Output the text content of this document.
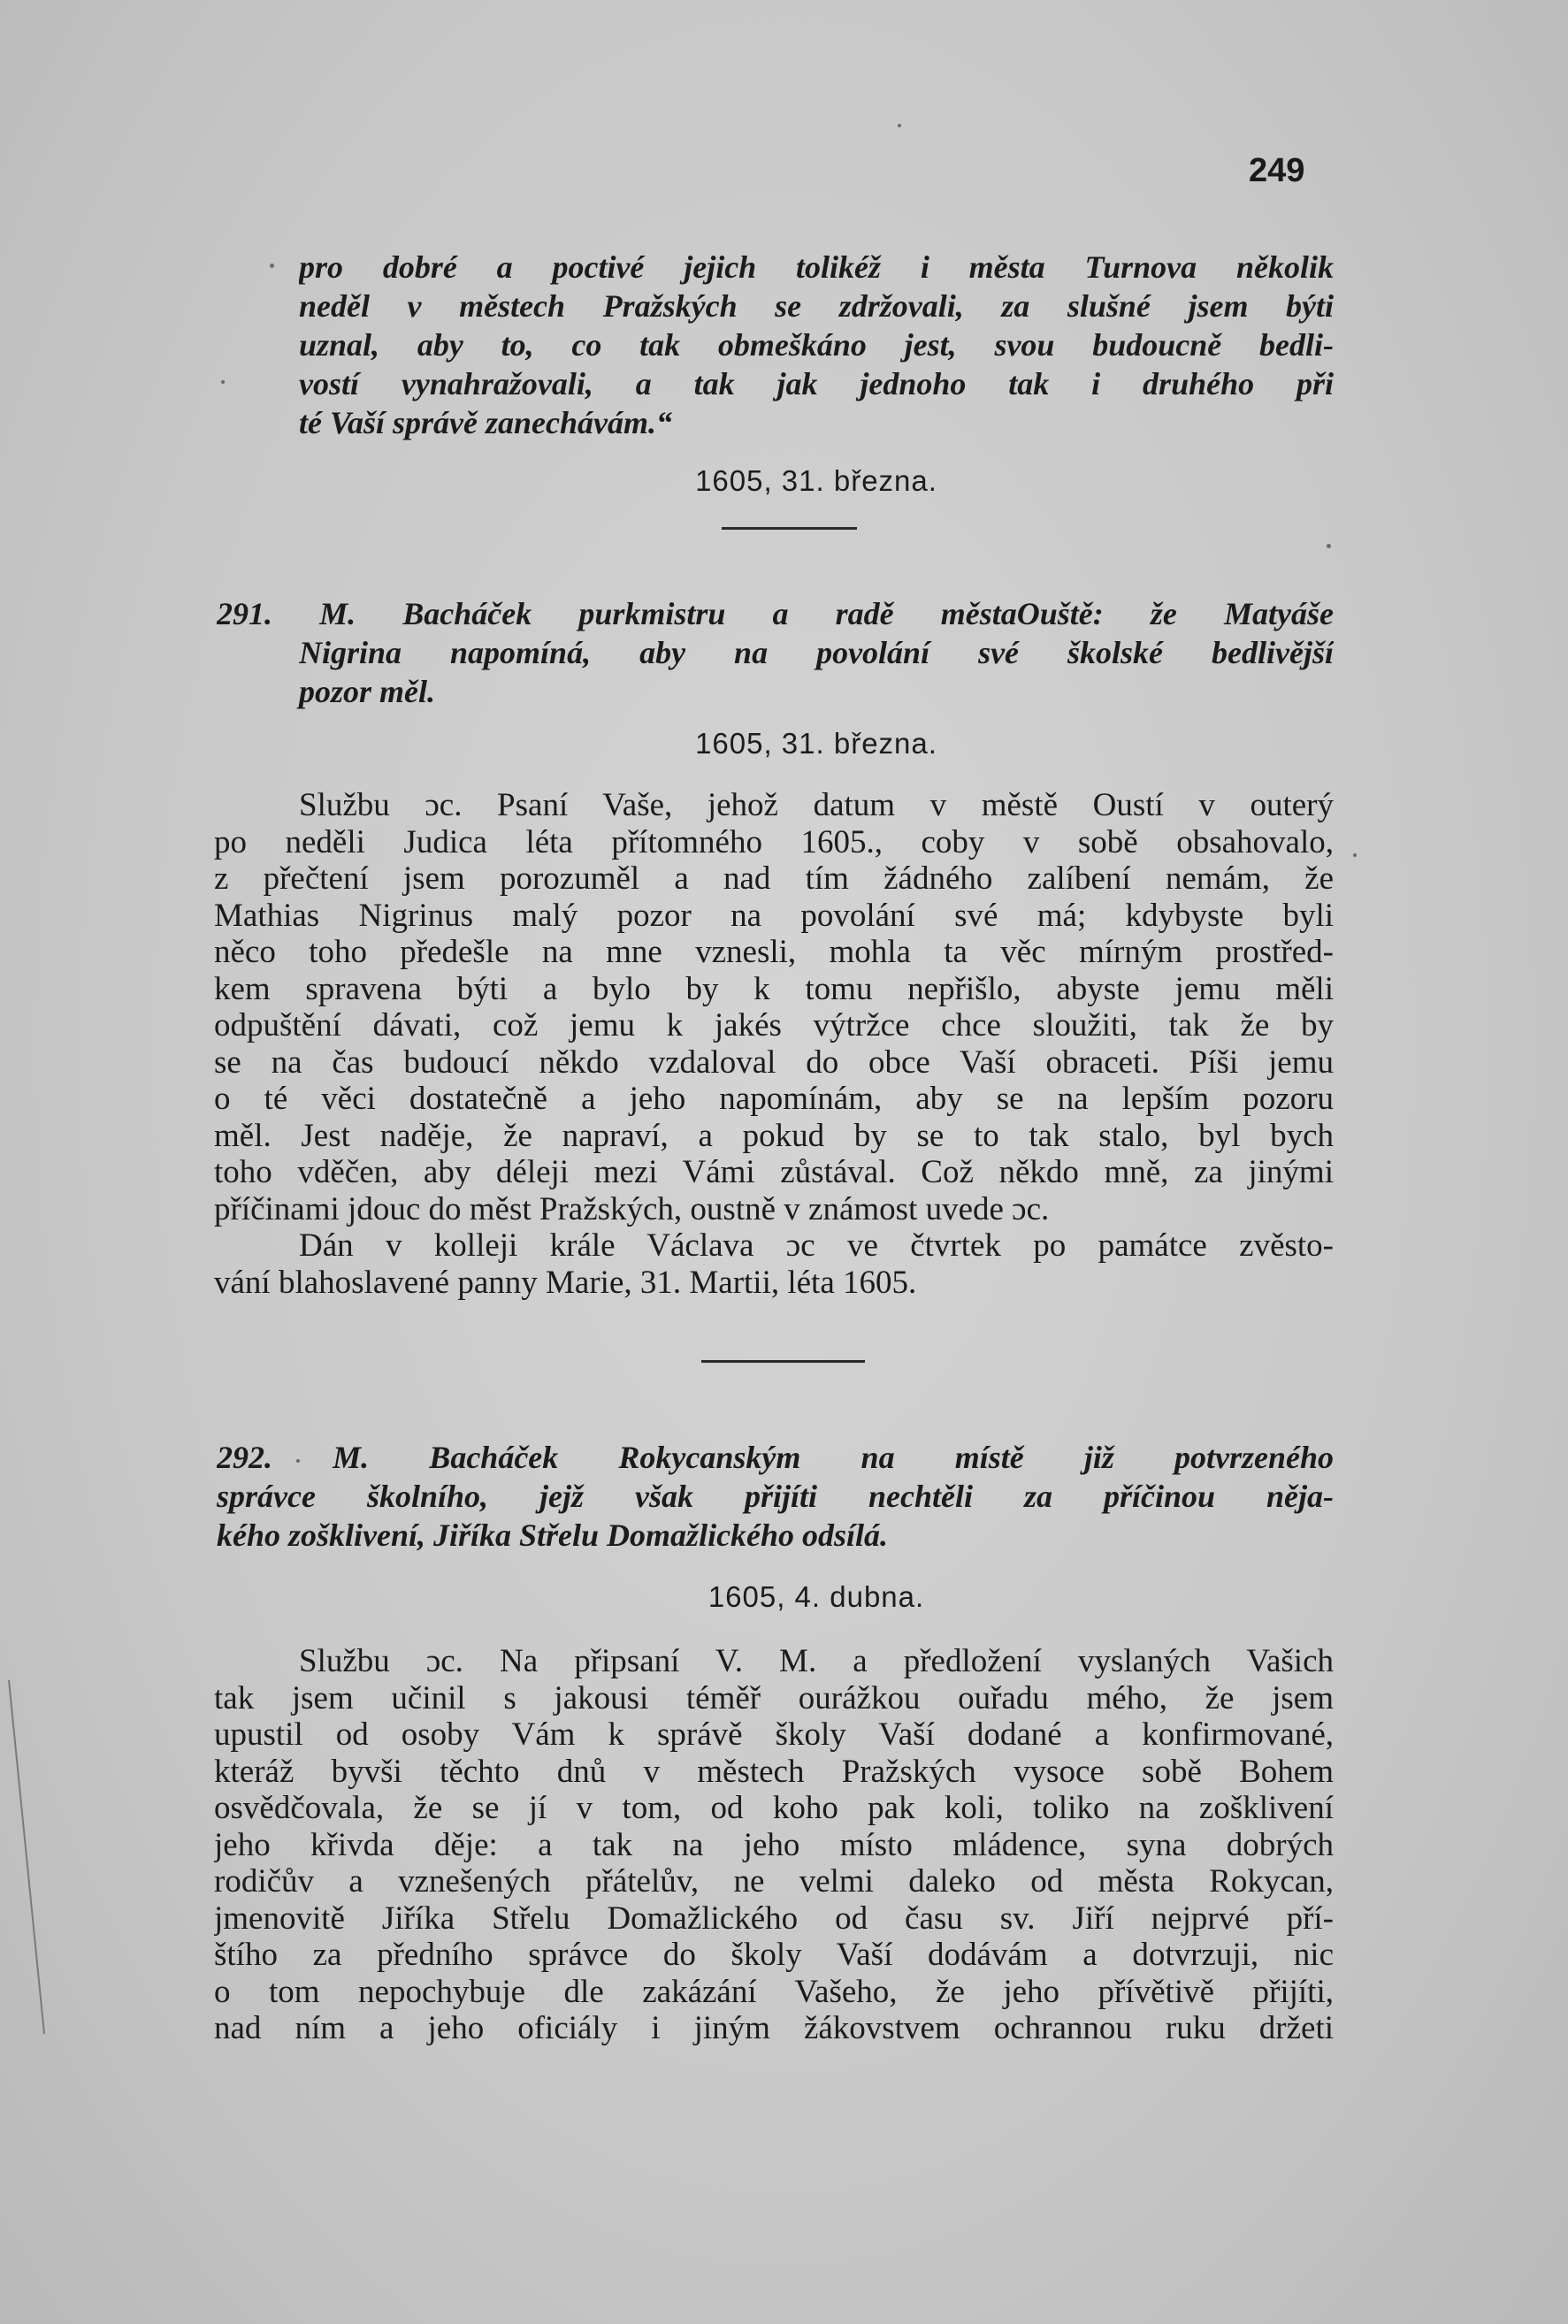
249

pro dobré a poctivé jejich tolikéž i města Turnova několik
neděl v městech Pražských se zdržovali, za slušné jsem býti
uznal, aby to, co tak obmeškáno jest, svou budoucně bedli-
vostí vynahražovali, a tak jak jednoho tak i druhého při
té Vaší správě zanechávám.“

1605, 31. března.

291. M. Bacháček purkmistru a radě městaOuště: že Matyáše

Nigrina napomíná, aby na povolání své školské bedlivější
pozor měl.

1605, 31. března.

Službu ɔc. Psaní Vaše, jehož datum v městě Oustí v outerý
po neděli Judica léta přítomného 1605., coby v sobě obsahovalo,
z přečtení jsem porozuměl a nad tím žádného zalíbení nemám, že
Mathias Nigrinus malý pozor na povolání své má; kdybyste byli
něco toho předešle na mne vznesli, mohla ta věc mírným prostřed-
kem spravena býti a bylo by k tomu nepřišlo, abyste jemu měli
odpuštění dávati, což jemu k jakés výtržce chce sloužiti, tak že by
se na čas budoucí někdo vzdaloval do obce Vaší obraceti. Píši jemu
o té věci dostatečně a jeho napomínám, aby se na lepším pozoru
měl. Jest naděje, že napraví, a pokud by se to tak stalo, byl bych
toho vděčen, aby déleji mezi Vámi zůstával. Což někdo mně, za jinými
příčinami jdouc do měst Pražských, oustně v známost uvede ɔc.
Dán v kolleji krále Václava ɔc ve čtvrtek po památce zvěsto-
vání blahoslavené panny Marie, 31. Martii, léta 1605.

292. M. Bacháček Rokycanským na místě již potvrzeného

správce školního, jejž však přijíti nechtěli za příčinou něja-
kého zošklivení, Jiříka Střelu Domažlického odsílá.

1605, 4. dubna.

Službu ɔc. Na připsaní V. M. a předložení vyslaných Vašich
tak jsem učinil s jakousi téměř ourážkou ouřadu mého, že jsem
upustil od osoby Vám k správě školy Vaší dodané a konfirmované,
kteráž byvši těchto dnů v městech Pražských vysoce sobě Bohem
osvědčovala, že se jí v tom, od koho pak koli, toliko na zošklivení
jeho křivda děje: a tak na jeho místo mládence, syna dobrých
rodičův a vznešených přátelův, ne velmi daleko od města Rokycan,
jmenovitě Jiříka Střelu Domažlického od času sv. Jiří nejprvé pří-
štího za předního správce do školy Vaší dodávám a dotvrzuji, nic
o tom nepochybuje dle zakázání Vašeho, že jeho přívětivě přijíti,
nad ním a jeho oficiály i jiným žákovstvem ochrannou ruku držeti
